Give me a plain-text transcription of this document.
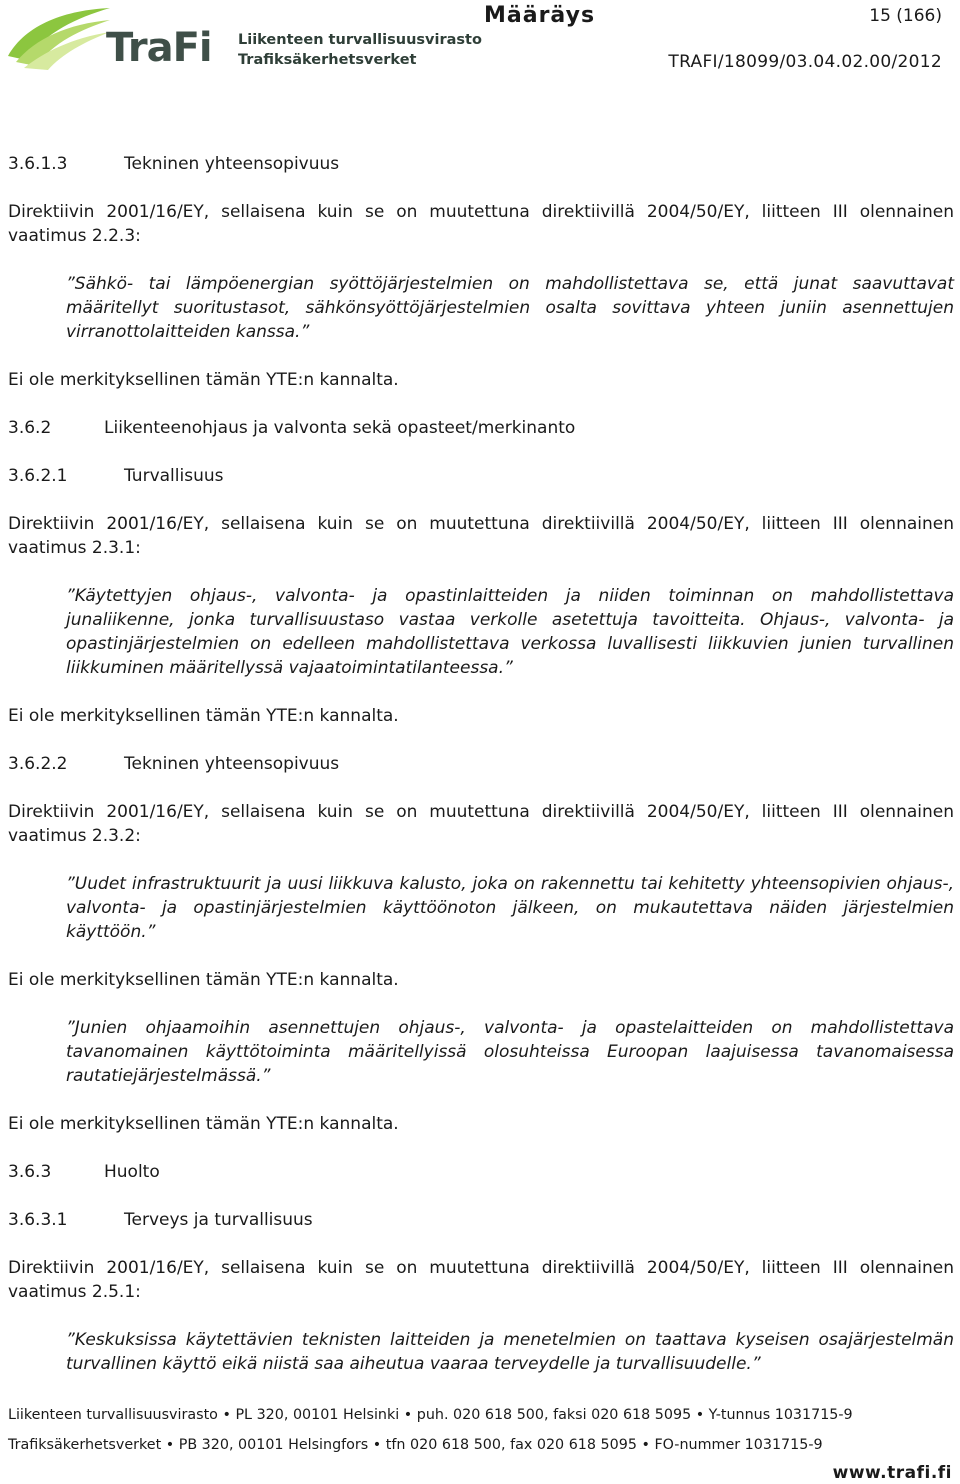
TraFi Liikenteen turvallisuusvirasto
Trafiksäkerhetsverket
Määräys	15 (166)
TRAFI/18099/03.04.02.00/2012

3.6.1.3	Tekninen yhteensopivuus

Direktiivin 2001/16/EY, sellaisena kuin se on muutettuna direktiivillä 2004/50/EY, liitteen III olennainen vaatimus 2.2.3:

”Sähkö- tai lämpöenergian syöttöjärjestelmien on mahdollistettava se, että junat saavuttavat määritellyt suoritustasot, sähkönsyöttöjärjestelmien osalta sovittava yhteen juniin asennettujen virranottolaitteiden kanssa.”

Ei ole merkityksellinen tämän YTE:n kannalta.

3.6.2	Liikenteenohjaus ja valvonta sekä opasteet/merkinanto

3.6.2.1	Turvallisuus

Direktiivin 2001/16/EY, sellaisena kuin se on muutettuna direktiivillä 2004/50/EY, liitteen III olennainen vaatimus 2.3.1:

”Käytettyjen ohjaus-, valvonta- ja opastinlaitteiden ja niiden toiminnan on mahdollistettava junaliikenne, jonka turvallisuustaso vastaa verkolle asetettuja tavoitteita. Ohjaus-, valvonta- ja opastinjärjestelmien on edelleen mahdollistettava verkossa luvallisesti liikkuvien junien turvallinen liikkuminen määritellyssä vajaatoimintatilanteessa.”

Ei ole merkityksellinen tämän YTE:n kannalta.

3.6.2.2	Tekninen yhteensopivuus

Direktiivin 2001/16/EY, sellaisena kuin se on muutettuna direktiivillä 2004/50/EY, liitteen III olennainen vaatimus 2.3.2:

”Uudet infrastruktuurit ja uusi liikkuva kalusto, joka on rakennettu tai kehitetty yhteensopivien ohjaus-, valvonta- ja opastinjärjestelmien käyttöönoton jälkeen, on mukautettava näiden järjestelmien käyttöön.”

Ei ole merkityksellinen tämän YTE:n kannalta.

”Junien ohjaamoihin asennettujen ohjaus-, valvonta- ja opastelaitteiden on mahdollistettava tavanomainen käyttötoiminta määritellyissä olosuhteissa Euroopan laajuisessa tavanomaisessa rautatiejärjestelmässä.”

Ei ole merkityksellinen tämän YTE:n kannalta.

3.6.3	Huolto

3.6.3.1	Terveys ja turvallisuus

Direktiivin 2001/16/EY, sellaisena kuin se on muutettuna direktiivillä 2004/50/EY, liitteen III olennainen vaatimus 2.5.1:

”Keskuksissa käytettävien teknisten laitteiden ja menetelmien on taattava kyseisen osajärjestelmän turvallinen käyttö eikä niistä saa aiheutua vaaraa terveydelle ja turvallisuudelle.”

Liikenteen turvallisuusvirasto • PL 320, 00101 Helsinki • puh. 020 618 500, faksi 020 618 5095 • Y-tunnus 1031715-9
Trafiksäkerhetsverket • PB 320, 00101 Helsingfors • tfn 020 618 500, fax 020 618 5095 • FO-nummer 1031715-9
www.trafi.fi
